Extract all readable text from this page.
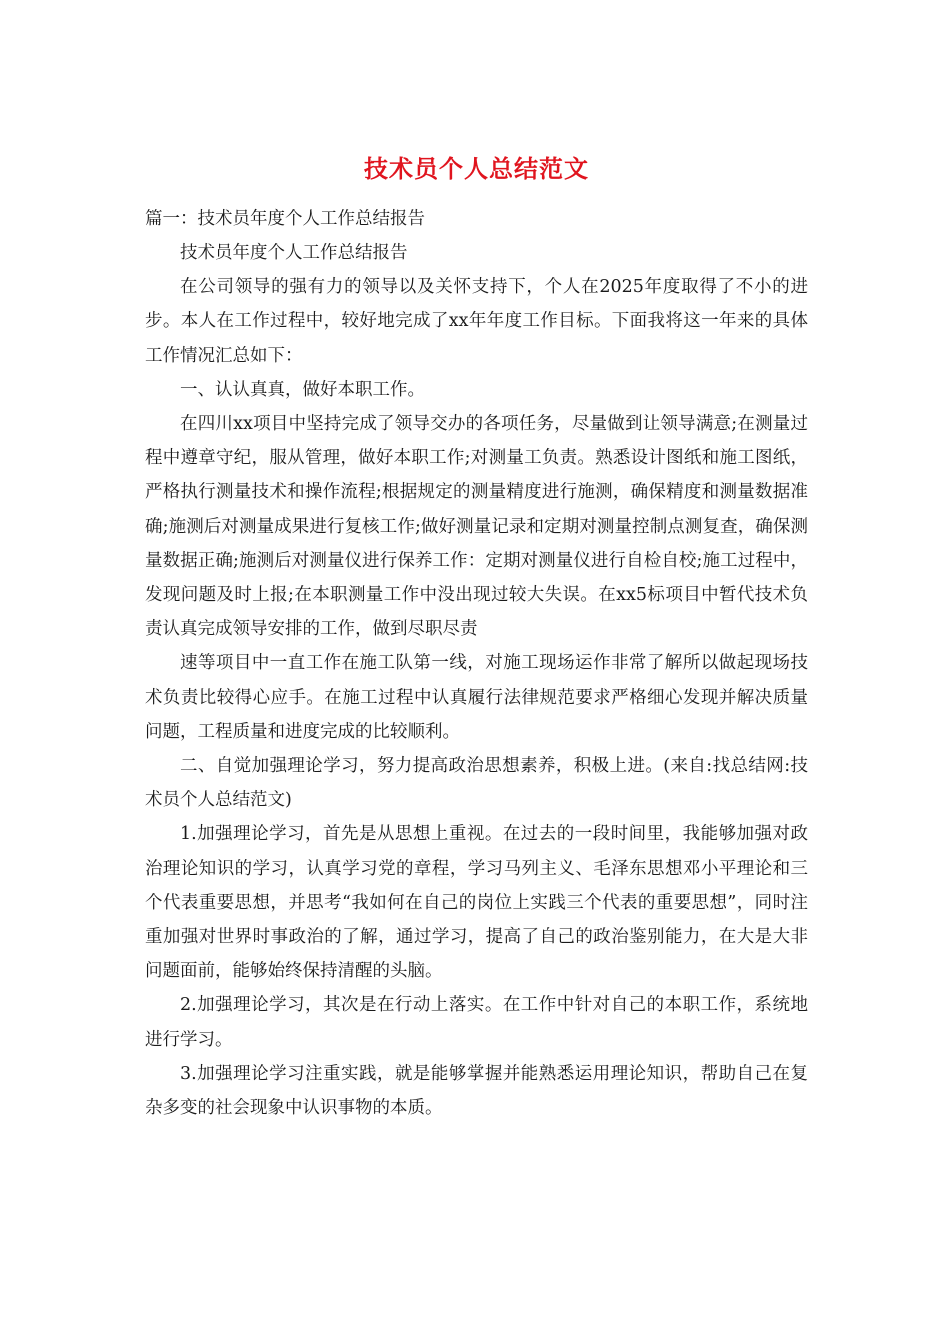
技术员个人总结范文

篇一：技术员年度个人工作总结报告

技术员年度个人工作总结报告

在公司领导的强有力的领导以及关怀支持下，个人在2025年度取得了不小的进步。本人在工作过程中，较好地完成了xx年年度工作目标。下面我将这一年来的具体工作情况汇总如下：

一、认认真真，做好本职工作。

在四川xx项目中坚持完成了领导交办的各项任务，尽量做到让领导满意;在测量过程中遵章守纪，服从管理，做好本职工作;对测量工负责。熟悉设计图纸和施工图纸，严格执行测量技术和操作流程;根据规定的测量精度进行施测，确保精度和测量数据准确;施测后对测量成果进行复核工作;做好测量记录和定期对测量控制点测复查，确保测量数据正确;施测后对测量仪进行保养工作：定期对测量仪进行自检自校;施工过程中，发现问题及时上报;在本职测量工作中没出现过较大失误。在xx5标项目中暂代技术负责认真完成领导安排的工作，做到尽职尽责

速等项目中一直工作在施工队第一线，对施工现场运作非常了解所以做起现场技术负责比较得心应手。在施工过程中认真履行法律规范要求严格细心发现并解决质量问题，工程质量和进度完成的比较顺利。

二、自觉加强理论学习，努力提高政治思想素养，积极上进。(来自:找总结网:技术员个人总结范文)

1.加强理论学习，首先是从思想上重视。在过去的一段时间里，我能够加强对政治理论知识的学习，认真学习党的章程，学习马列主义、毛泽东思想邓小平理论和三个代表重要思想，并思考“我如何在自己的岗位上实践三个代表的重要思想”，同时注重加强对世界时事政治的了解，通过学习，提高了自己的政治鉴别能力，在大是大非问题面前，能够始终保持清醒的头脑。

2.加强理论学习，其次是在行动上落实。在工作中针对自己的本职工作，系统地进行学习。

3.加强理论学习注重实践，就是能够掌握并能熟悉运用理论知识，帮助自己在复杂多变的社会现象中认识事物的本质。
